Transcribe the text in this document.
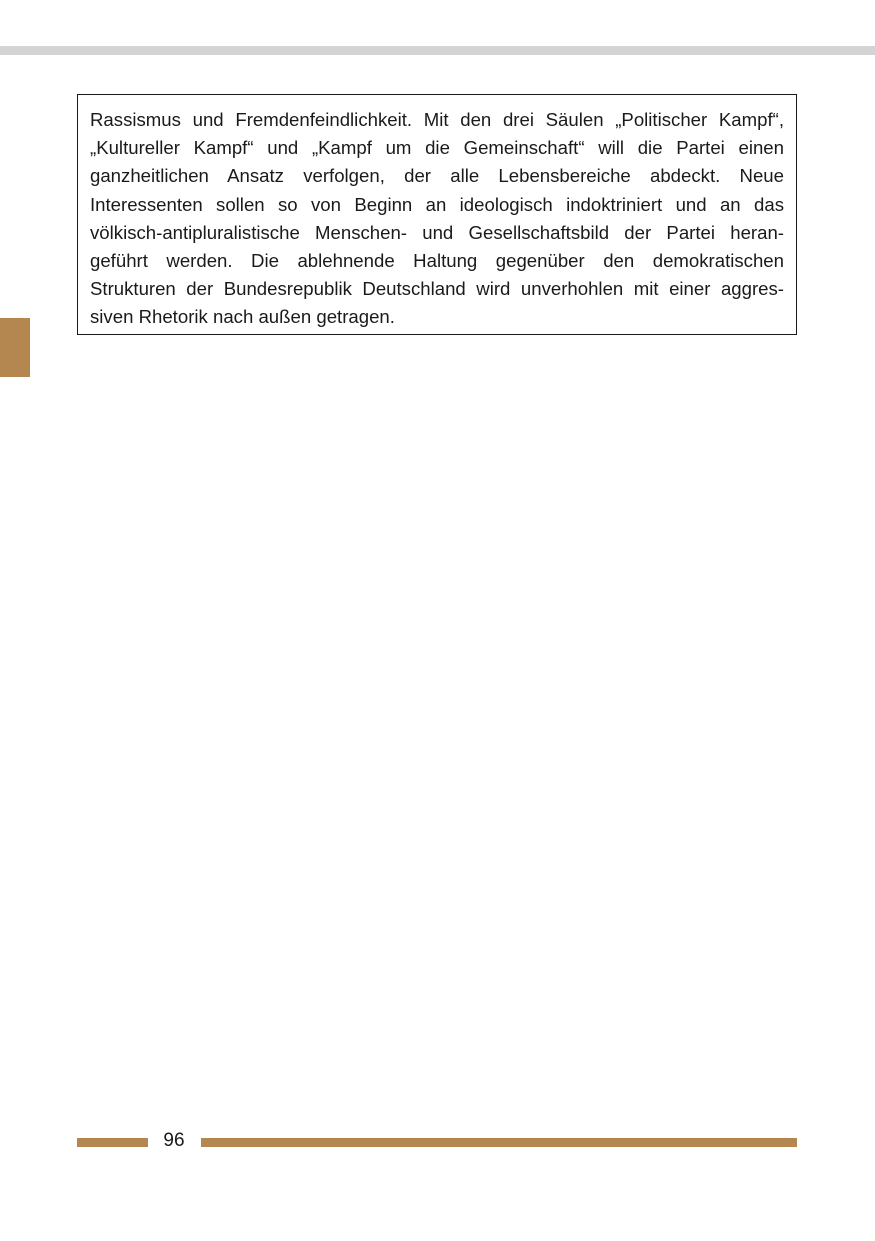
Rassismus und Fremdenfeindlichkeit. Mit den drei Säulen „Politischer Kampf“,
„Kultureller Kampf“ und „Kampf um die Gemeinschaft“ will die Partei einen
ganzheitlichen Ansatz verfolgen, der alle Lebensbereiche abdeckt. Neue
Interessenten sollen so von Beginn an ideologisch indoktriniert und an das
völkisch-antipluralistische Menschen- und Gesellschaftsbild der Partei heran-
geführt werden. Die ablehnende Haltung gegenüber den demokratischen
Strukturen der Bundesrepublik Deutschland wird unverhohlen mit einer aggres-
siven Rhetorik nach außen getragen.
96
